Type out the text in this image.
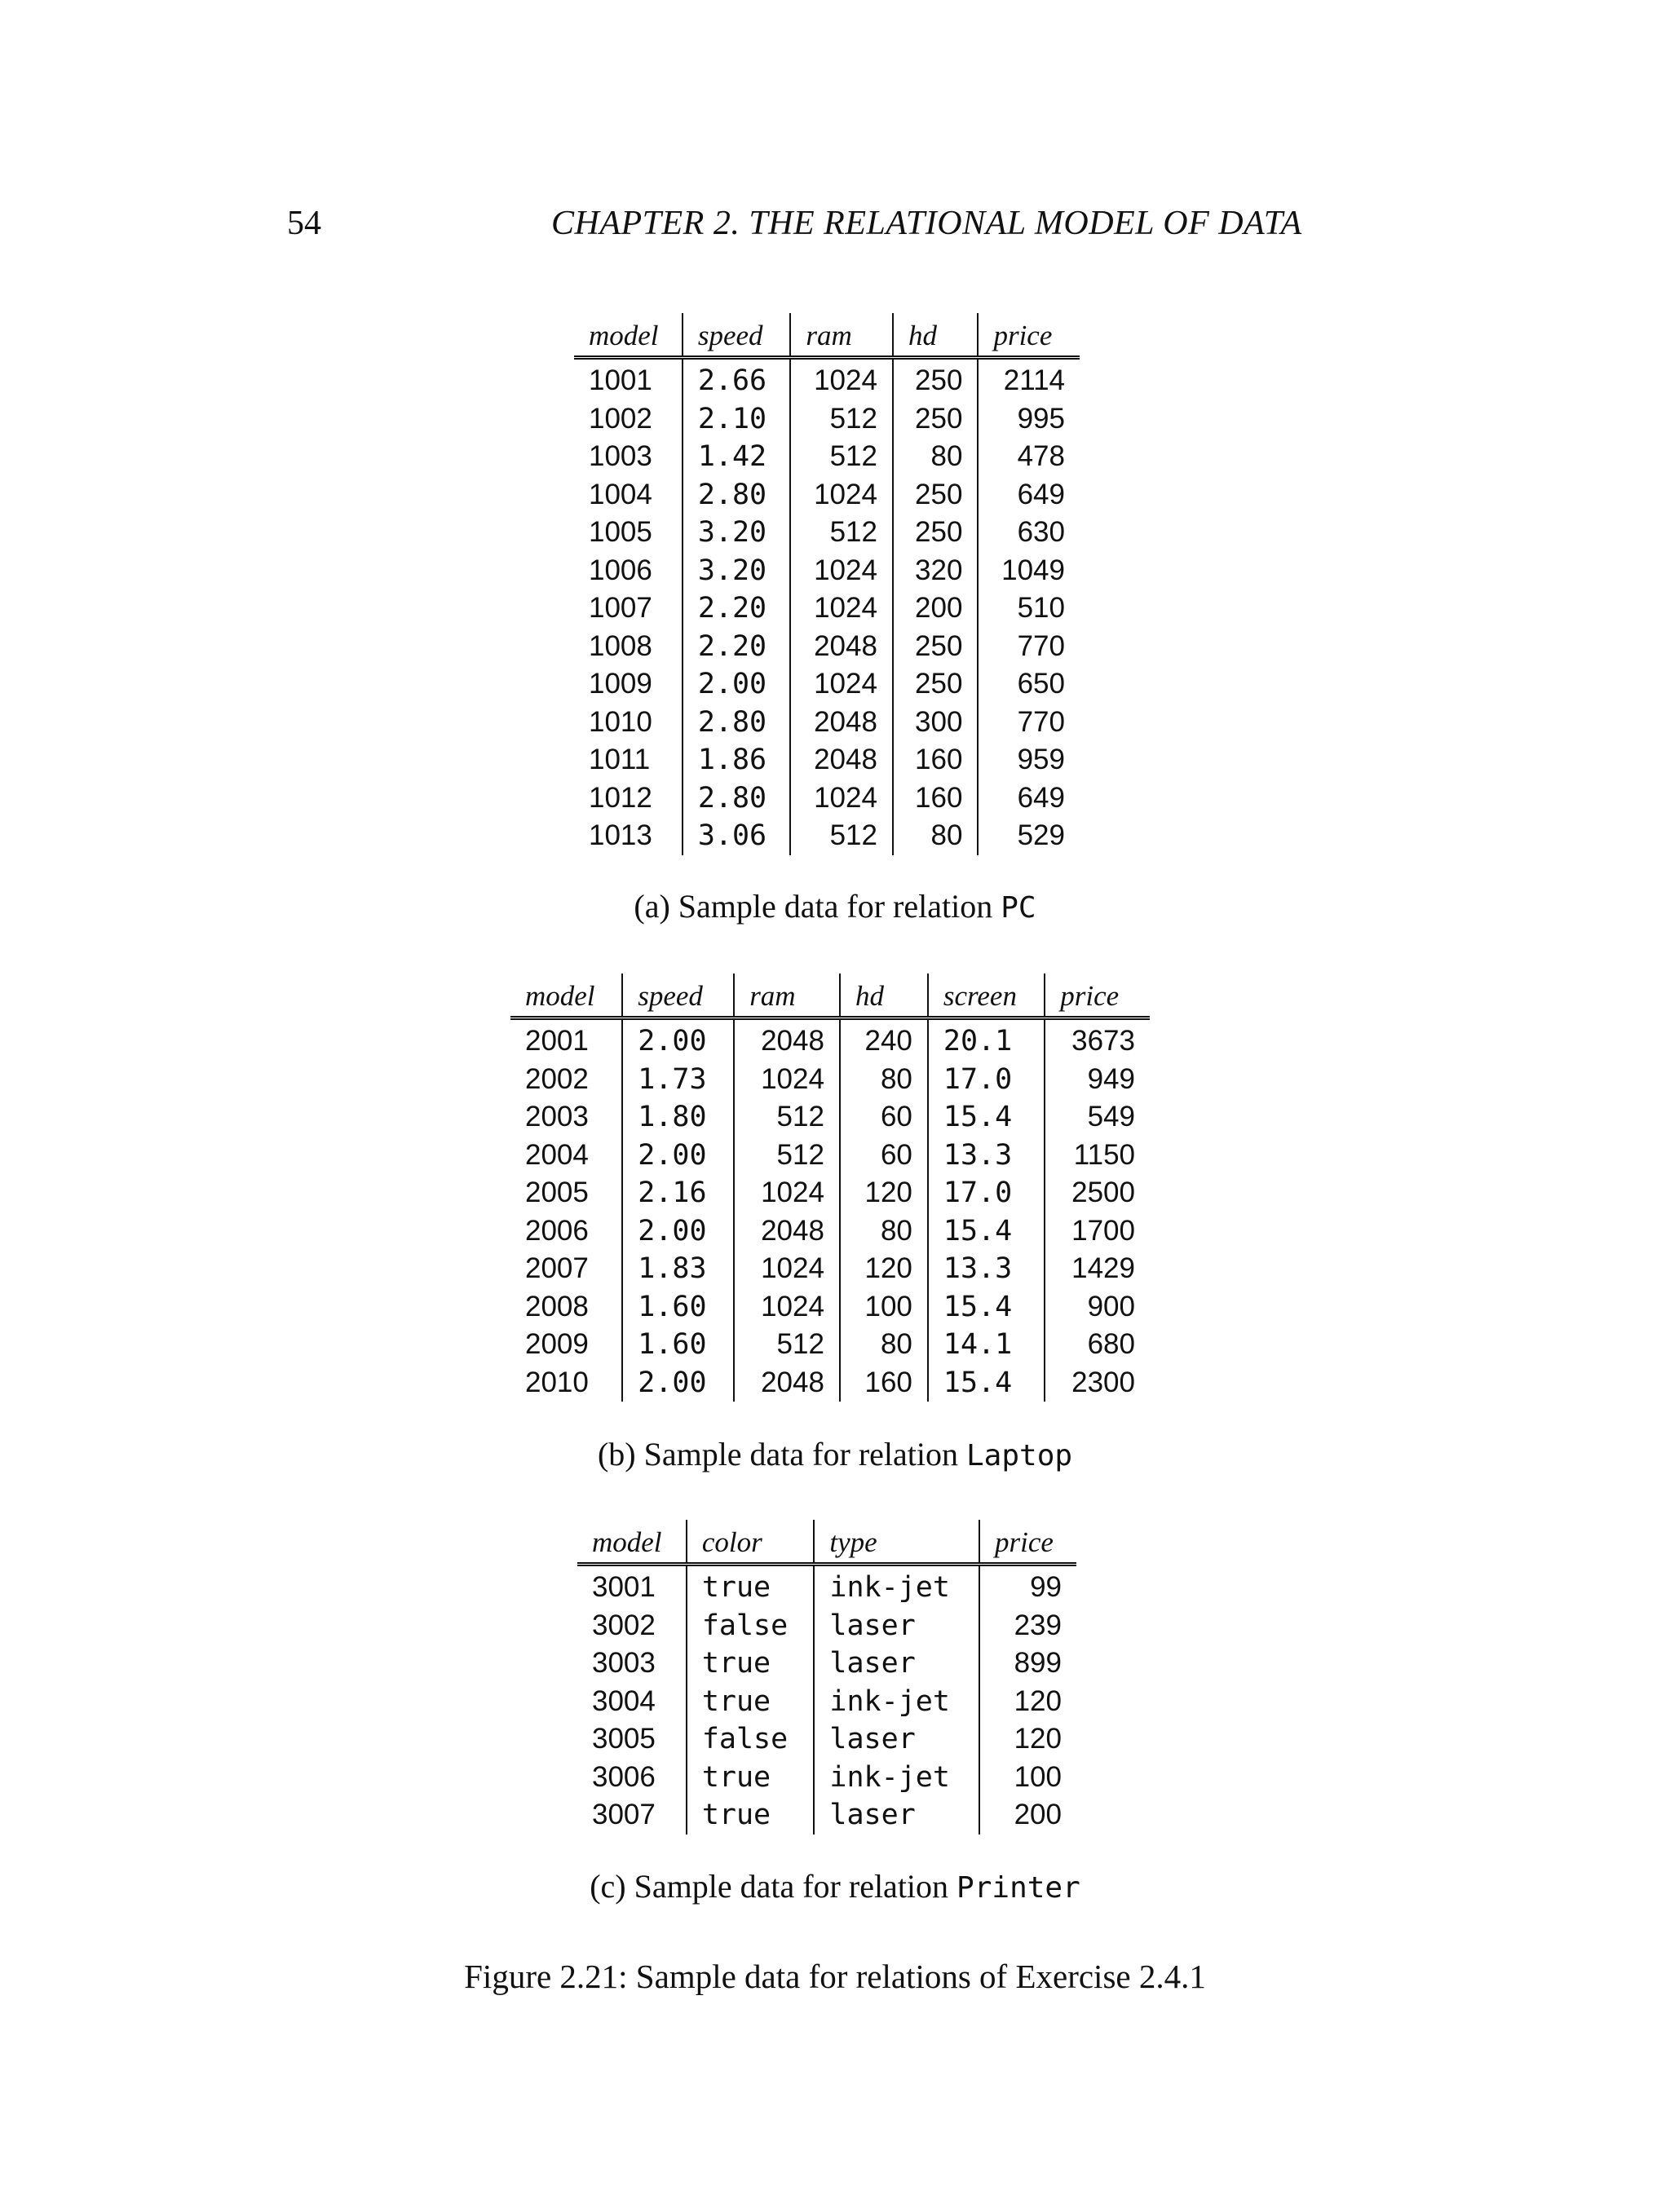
54	CHAPTER 2. THE RELATIONAL MODEL OF DATA
model	speed	ram	hd	price
1001	2.66	1024	250	2114
1002	2.10	512	250	995
1003	1.42	512	80	478
1004	2.80	1024	250	649
1005	3.20	512	250	630
1006	3.20	1024	320	1049
1007	2.20	1024	200	510
1008	2.20	2048	250	770
1009	2.00	1024	250	650
1010	2.80	2048	300	770
1011	1.86	2048	160	959
1012	2.80	1024	160	649
1013	3.06	512	80	529
(a) Sample data for relation PC
model	speed	ram	hd	screen	price
2001	2.00	2048	240	20.1	3673
2002	1.73	1024	80	17.0	949
2003	1.80	512	60	15.4	549
2004	2.00	512	60	13.3	1150
2005	2.16	1024	120	17.0	2500
2006	2.00	2048	80	15.4	1700
2007	1.83	1024	120	13.3	1429
2008	1.60	1024	100	15.4	900
2009	1.60	512	80	14.1	680
2010	2.00	2048	160	15.4	2300
(b) Sample data for relation Laptop
model	color	type	price
3001	true	ink-jet	99
3002	false	laser	239
3003	true	laser	899
3004	true	ink-jet	120
3005	false	laser	120
3006	true	ink-jet	100
3007	true	laser	200
(c) Sample data for relation Printer
Figure 2.21: Sample data for relations of Exercise 2.4.1
